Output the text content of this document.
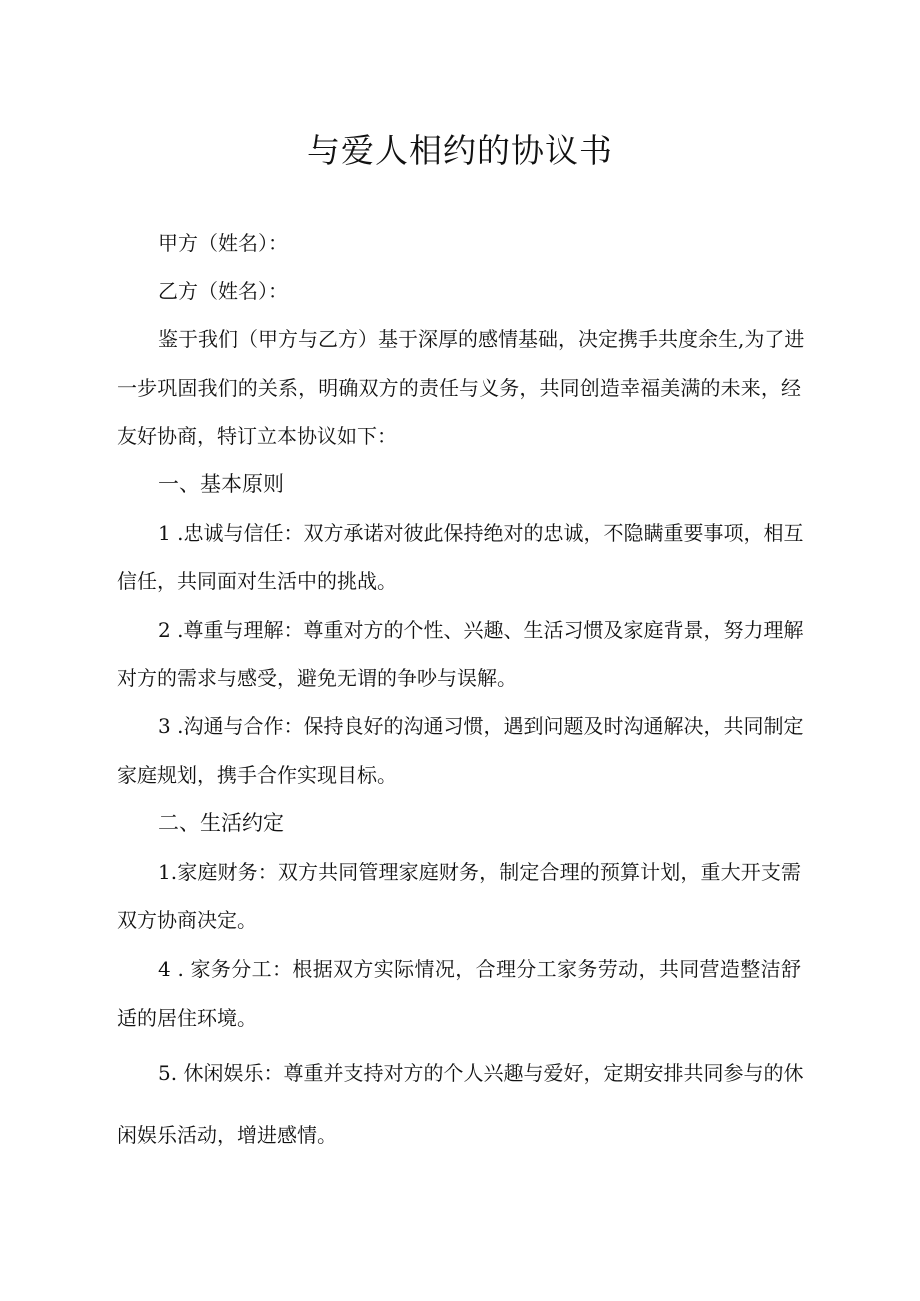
与爱人相约的协议书
甲方（姓名）：
乙方（姓名）：
鉴于我们（甲方与乙方）基于深厚的感情基础，决定携手共度余生,为了进
一步巩固我们的关系，明确双方的责任与义务，共同创造幸福美满的未来，经
友好协商，特订立本协议如下：
一、基本原则
1 .忠诚与信任：双方承诺对彼此保持绝对的忠诚，不隐瞒重要事项，相互
信任，共同面对生活中的挑战。
2 .尊重与理解：尊重对方的个性、兴趣、生活习惯及家庭背景，努力理解
对方的需求与感受，避免无谓的争吵与误解。
3 .沟通与合作：保持良好的沟通习惯，遇到问题及时沟通解决，共同制定
家庭规划，携手合作实现目标。
二、生活约定
1.家庭财务：双方共同管理家庭财务，制定合理的预算计划，重大开支需
双方协商决定。
4 . 家务分工：根据双方实际情况，合理分工家务劳动，共同营造整洁舒
适的居住环境。
5. 休闲娱乐：尊重并支持对方的个人兴趣与爱好，定期安排共同参与的休
闲娱乐活动，增进感情。
